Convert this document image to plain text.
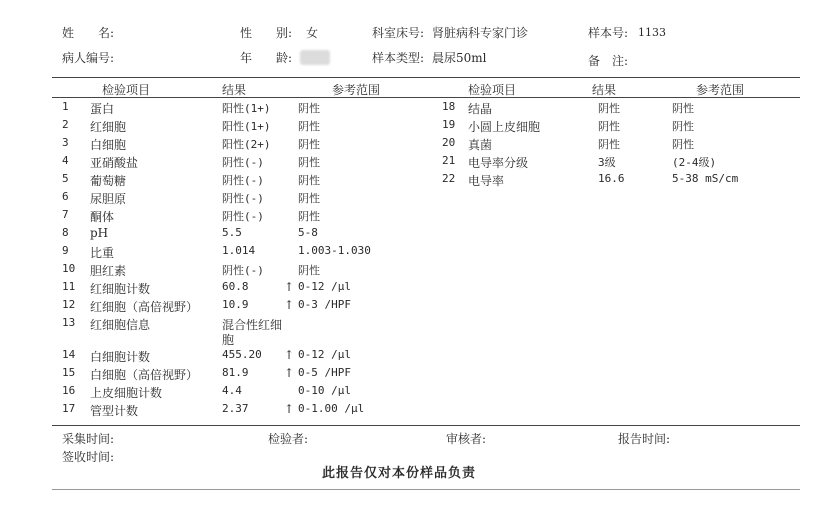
姓　　名:	性　　别: 女	科室床号: 肾脏病科专家门诊	样本号: 1133
病人编号:	年　　龄:	样本类型: 晨尿50ml	备　注:
检验项目	结果	参考范围	检验项目	结果	参考范围
1 蛋白	阳性(1+)	阴性
2 红细胞	阳性(1+)	阴性
3 白细胞	阳性(2+)	阴性
4 亚硝酸盐	阴性(-)	阴性
5 葡萄糖	阴性(-)	阴性
6 尿胆原	阴性(-)	阴性
7 酮体	阴性(-)	阴性
8 pH	5.5	5-8
9 比重	1.014	1.003-1.030
10 胆红素	阴性(-)	阴性
11 红细胞计数	60.8	↑ 0-12 /μl
12 红细胞（高倍视野） 10.9	↑ 0-3 /HPF
13 红细胞信息	混合性红细
胞
14 白细胞计数	455.20 ↑ 0-12 /μl
15 白细胞（高倍视野） 81.9	↑ 0-5 /HPF
16 上皮细胞计数	4.4	0-10 /μl
17 管型计数	2.37	↑ 0-1.00 /μl
18 结晶	阴性	阴性
19 小圆上皮细胞	阴性	阴性
20 真菌	阴性	阴性
21 电导率分级	3级	(2-4级)
22 电导率	16.6	5-38 mS/cm
采集时间:	检验者:	审核者:	报告时间:
签收时间:
此报告仅对本份样品负责
